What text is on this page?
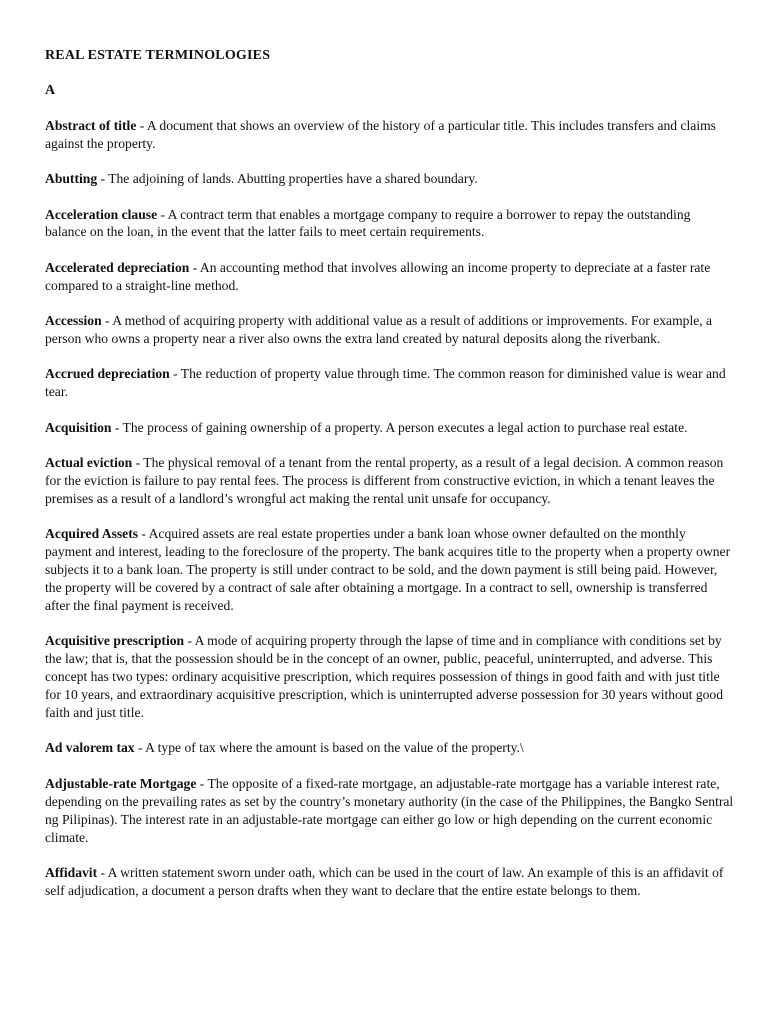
REAL ESTATE TERMINOLOGIES
A
Abstract of title - A document that shows an overview of the history of a particular title. This includes transfers and claims against the property.
Abutting - The adjoining of lands. Abutting properties have a shared boundary.
Acceleration clause - A contract term that enables a mortgage company to require a borrower to repay the outstanding balance on the loan, in the event that the latter fails to meet certain requirements.
Accelerated depreciation - An accounting method that involves allowing an income property to depreciate at a faster rate compared to a straight-line method.
Accession - A method of acquiring property with additional value as a result of additions or improvements. For example, a person who owns a property near a river also owns the extra land created by natural deposits along the riverbank.
Accrued depreciation - The reduction of property value through time. The common reason for diminished value is wear and tear.
Acquisition - The process of gaining ownership of a property. A person executes a legal action to purchase real estate.
Actual eviction - The physical removal of a tenant from the rental property, as a result of a legal decision. A common reason for the eviction is failure to pay rental fees. The process is different from constructive eviction, in which a tenant leaves the premises as a result of a landlord’s wrongful act making the rental unit unsafe for occupancy.
Acquired Assets - Acquired assets are real estate properties under a bank loan whose owner defaulted on the monthly payment and interest, leading to the foreclosure of the property. The bank acquires title to the property when a property owner subjects it to a bank loan. The property is still under contract to be sold, and the down payment is still being paid. However, the property will be covered by a contract of sale after obtaining a mortgage. In a contract to sell, ownership is transferred after the final payment is received.
Acquisitive prescription - A mode of acquiring property through the lapse of time and in compliance with conditions set by the law; that is, that the possession should be in the concept of an owner, public, peaceful, uninterrupted, and adverse. This concept has two types: ordinary acquisitive prescription, which requires possession of things in good faith and with just title for 10 years, and extraordinary acquisitive prescription, which is uninterrupted adverse possession for 30 years without good faith and just title.
Ad valorem tax - A type of tax where the amount is based on the value of the property.\
Adjustable-rate Mortgage - The opposite of a fixed-rate mortgage, an adjustable-rate mortgage has a variable interest rate, depending on the prevailing rates as set by the country’s monetary authority (in the case of the Philippines, the Bangko Sentral ng Pilipinas). The interest rate in an adjustable-rate mortgage can either go low or high depending on the current economic climate.
Affidavit - A written statement sworn under oath, which can be used in the court of law. An example of this is an affidavit of self adjudication, a document a person drafts when they want to declare that the entire estate belongs to them.
